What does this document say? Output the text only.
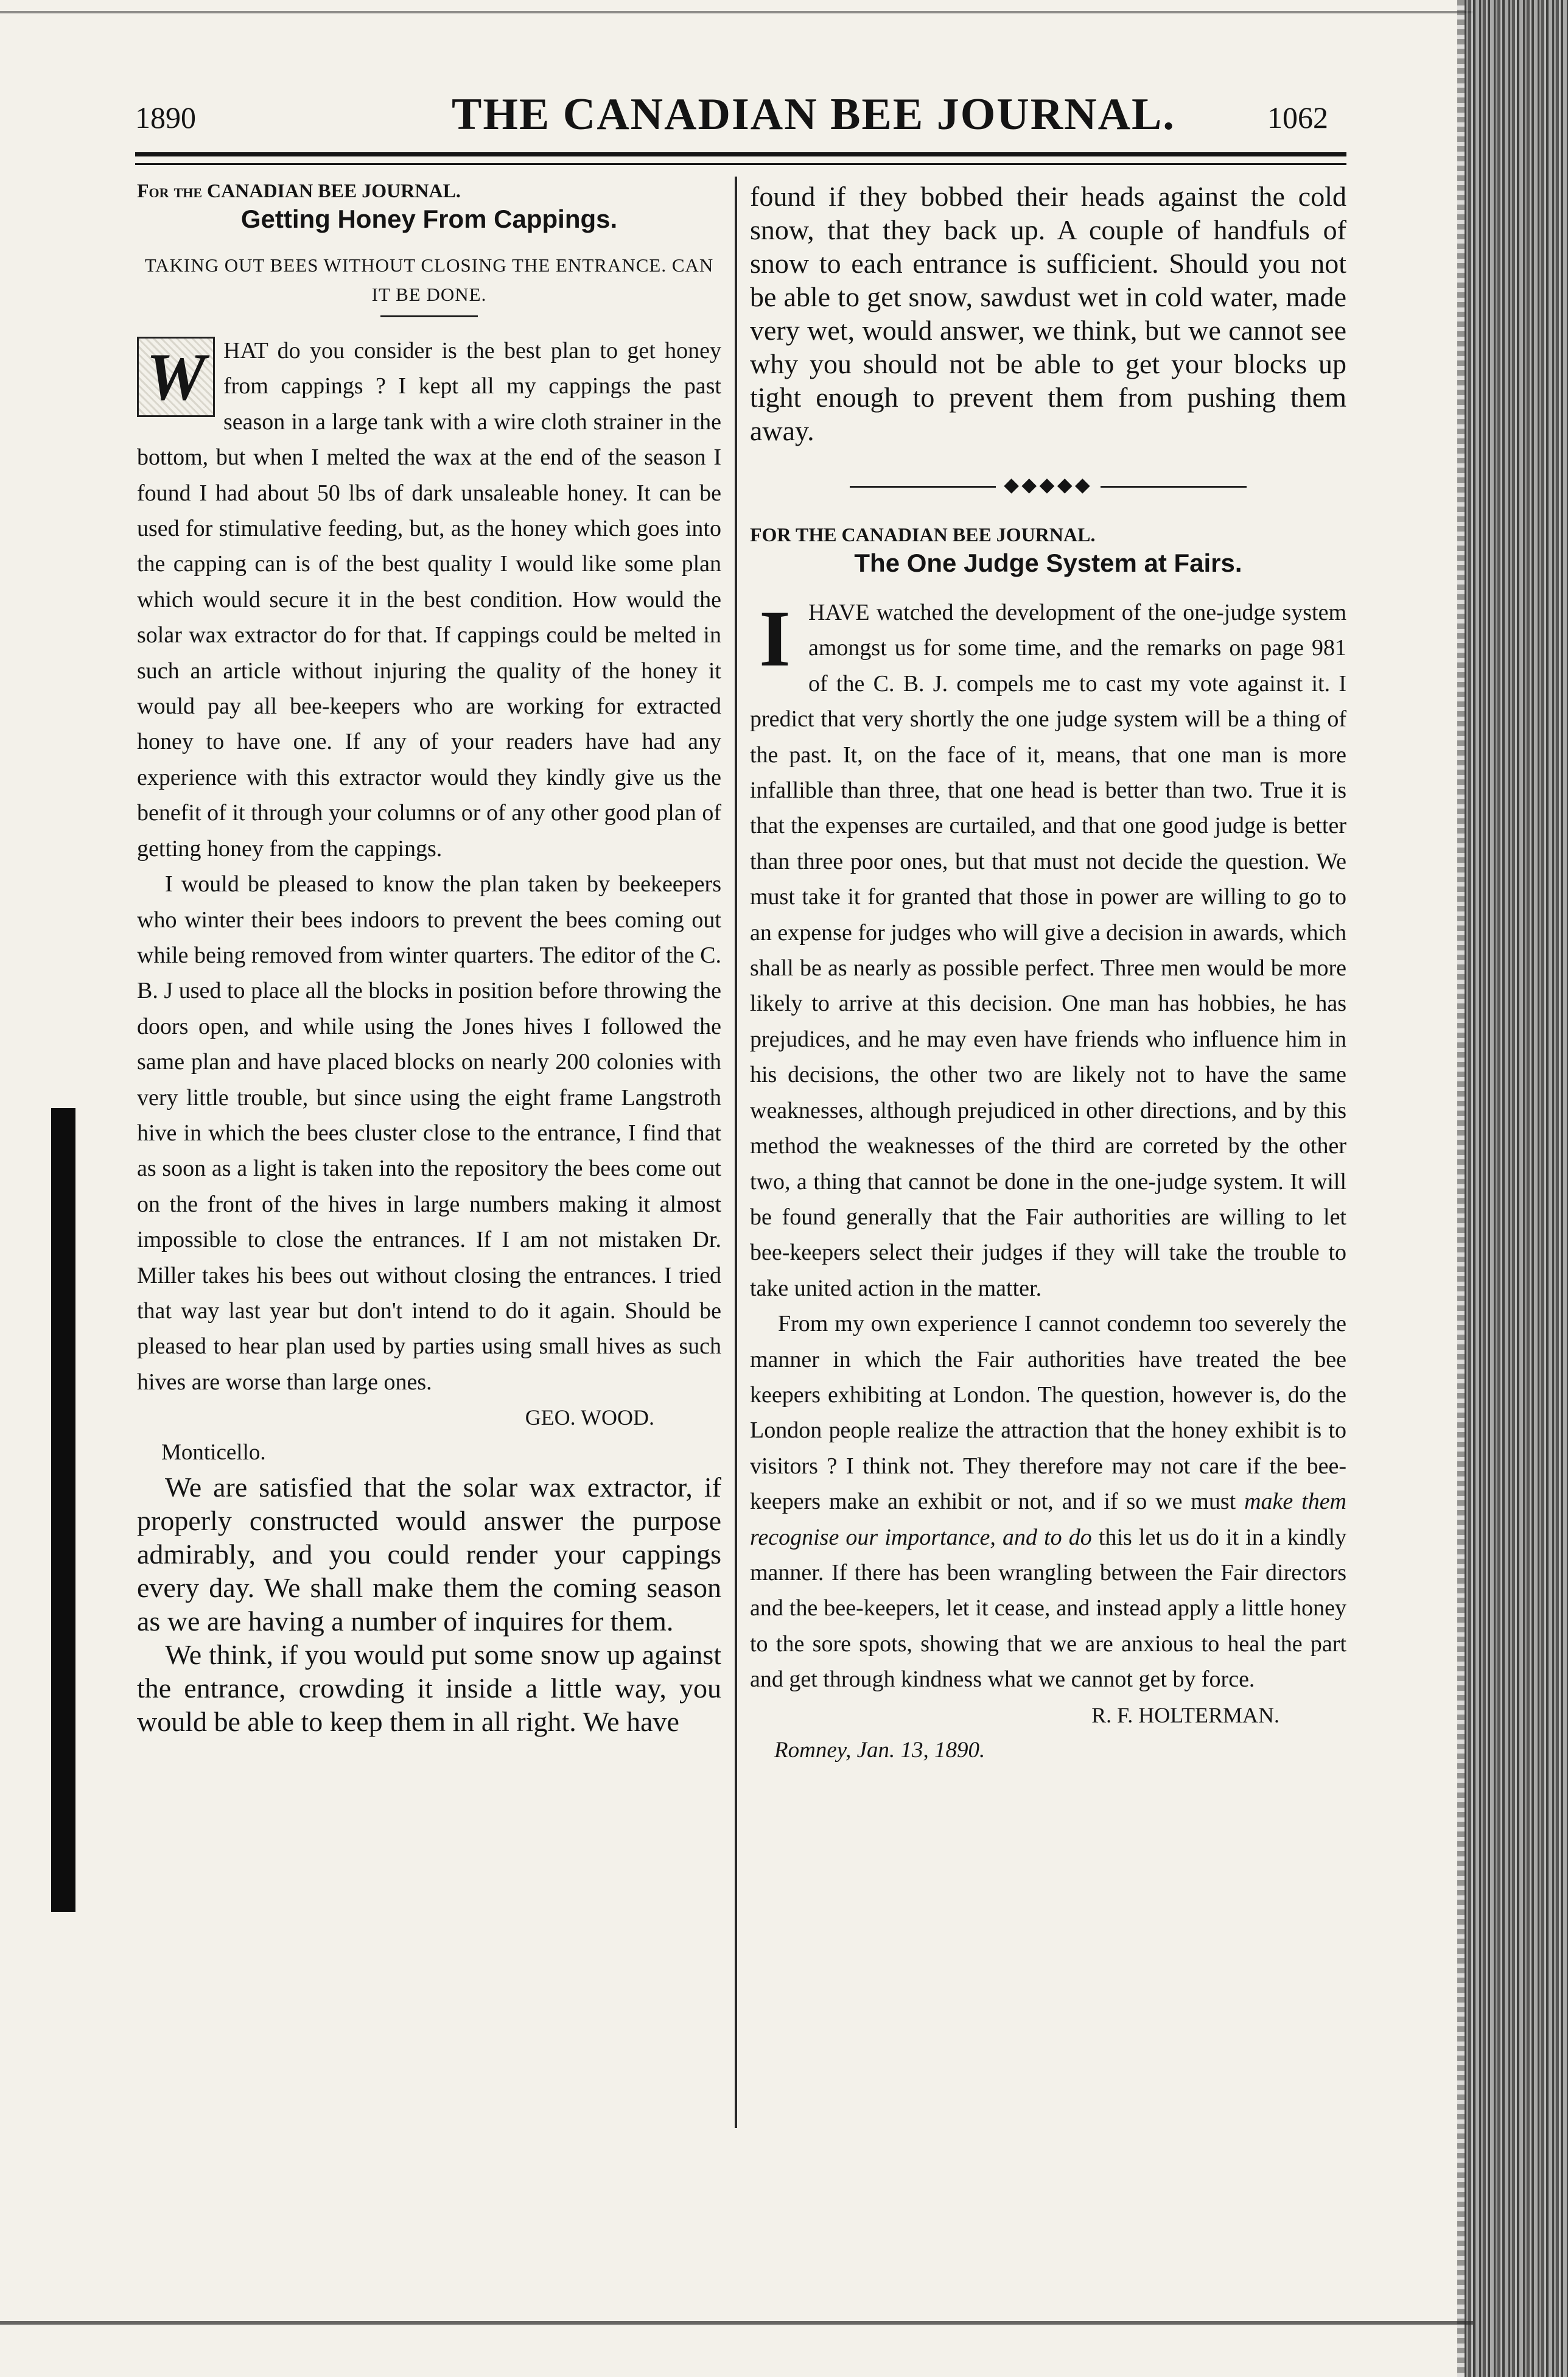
1890	THE CANADIAN BEE JOURNAL.	1062
For the CANADIAN BEE JOURNAL.
Getting Honey From Cappings.
TAKING OUT BEES WITHOUT CLOSING THE ENTRANCE. CAN IT BE DONE.

W HAT do you consider is the best plan to get honey from cappings ? I kept all my cappings the past season in a large tank with a wire cloth strainer in the bottom, but when I melted the wax at the end of the season I found I had about 50 lbs of dark unsaleable honey. It can be used for stimulative feeding, but, as the honey which goes into the capping can is of the best quality I would like some plan which would secure it in the best condition. How would the solar wax extractor do for that. If cappings could be melted in such an article without injuring the quality of the honey it would pay all bee-keepers who are working for extracted honey to have one. If any of your readers have had any experience with this extractor would they kindly give us the benefit of it through your columns or of any other good plan of getting honey from the cappings.

I would be pleased to know the plan taken by beekeepers who winter their bees indoors to prevent the bees coming out while being removed from winter quarters. The editor of the C. B. J used to place all the blocks in position before throwing the doors open, and while using the Jones hives I followed the same plan and have placed blocks on nearly 200 colonies with very little trouble, but since using the eight frame Langstroth hive in which the bees cluster close to the entrance, I find that as soon as a light is taken into the repository the bees come out on the front of the hives in large numbers making it almost impossible to close the entrances. If I am not mistaken Dr. Miller takes his bees out without closing the entrances. I tried that way last year but don't intend to do it again. Should be pleased to hear plan used by parties using small hives as such hives are worse than large ones.

GEO. WOOD.
Monticello.

We are satisfied that the solar wax extractor, if properly constructed would answer the purpose admirably, and you could render your cappings every day. We shall make them the coming season as we are having a number of inquires for them.

We think, if you would put some snow up against the entrance, crowding it inside a little way, you would be able to keep them in all right. We have

found if they bobbed their heads against the cold snow, that they back up. A couple of handfuls of snow to each entrance is sufficient. Should you not be able to get snow, sawdust wet in cold water, made very wet, would answer, we think, but we cannot see why you should not be able to get your blocks up tight enough to prevent them from pushing them away.

⬥⬥⬥⬥⬥
FOR THE CANADIAN BEE JOURNAL.
The One Judge System at Fairs.

I HAVE watched the development of the one-judge system amongst us for some time, and the remarks on page 981 of the C. B. J. compels me to cast my vote against it. I predict that very shortly the one judge system will be a thing of the past. It, on the face of it, means, that one man is more infallible than three, that one head is better than two. True it is that the expenses are curtailed, and that one good judge is better than three poor ones, but that must not decide the question. We must take it for granted that those in power are willing to go to an expense for judges who will give a decision in awards, which shall be as nearly as possible perfect. Three men would be more likely to arrive at this decision. One man has hobbies, he has prejudices, and he may even have friends who influence him in his decisions, the other two are likely not to have the same weaknesses, although prejudiced in other directions, and by this method the weaknesses of the third are correted by the other two, a thing that cannot be done in the one-judge system. It will be found generally that the Fair authorities are willing to let bee-keepers select their judges if they will take the trouble to take united action in the matter.

From my own experience I cannot condemn too severely the manner in which the Fair authorities have treated the bee keepers exhibiting at London. The question, however is, do the London people realize the attraction that the honey exhibit is to visitors ? I think not. They therefore may not care if the bee-keepers make an exhibit or not, and if so we must make them recognise our importance, and to do this let us do it in a kindly manner. If there has been wrangling between the Fair directors and the bee-keepers, let it cease, and instead apply a little honey to the sore spots, showing that we are anxious to heal the part and get through kindness what we cannot get by force.

R. F. HOLTERMAN.
Romney, Jan. 13, 1890.
